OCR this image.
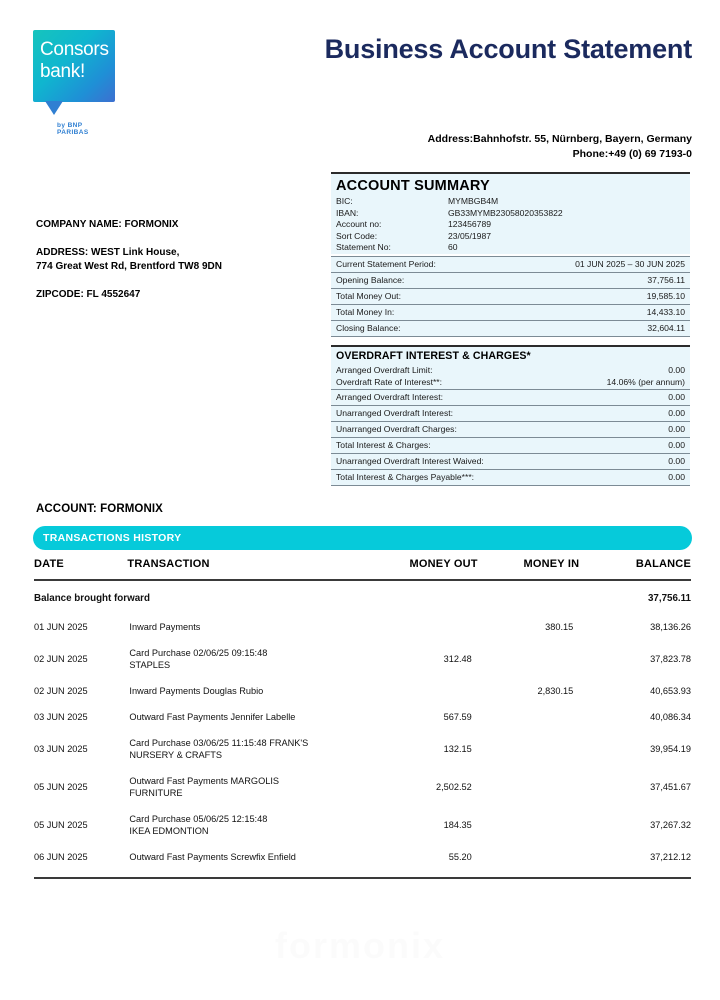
Consors
bank!
by BNP PARIBAS
Business Account Statement
Address:Bahnhofstr. 55, Nürnberg, Bayern, Germany
Phone:+49 (0) 69 7193-0
COMPANY NAME: FORMONIX
ADDRESS: WEST Link House,
774 Great West Rd, Brentford TW8 9DN
ZIPCODE: FL 4552647
ACCOUNT SUMMARY
BIC:	MYMBGB4M
IBAN:	GB33MYMB23058020353822
Account no:	123456789
Sort Code:	23/05/1987
Statement No:	60
Current Statement Period:	01 JUN 2025 – 30 JUN 2025
Opening Balance:	37,756.11
Total Money Out:	19,585.10
Total Money In:	14,433.10
Closing Balance:	32,604.11
OVERDRAFT INTEREST & CHARGES*
Arranged Overdraft Limit:	0.00
Overdraft Rate of Interest**:	14.06% (per annum)
Arranged Overdraft Interest:	0.00
Unarranged Overdraft Interest:	0.00
Unarranged Overdraft Charges:	0.00
Total Interest & Charges:	0.00
Unarranged Overdraft Interest Waived:	0.00
Total Interest & Charges Payable***:	0.00
ACCOUNT: FORMONIX
TRANSACTIONS HISTORY
DATE	TRANSACTION	MONEY OUT	MONEY IN	BALANCE
Balance brought forward				37,756.11
01 JUN 2025	Inward Payments		380.15	38,136.26
02 JUN 2025	Card Purchase 02/06/25 09:15:48
STAPLES	312.48		37,823.78
02 JUN 2025	Inward Payments Douglas Rubio		2,830.15	40,653.93
03 JUN 2025	Outward Fast Payments Jennifer Labelle	567.59		40,086.34
03 JUN 2025	Card Purchase 03/06/25 11:15:48 FRANK'S
NURSERY & CRAFTS	132.15		39,954.19
05 JUN 2025	Outward Fast Payments MARGOLIS
FURNITURE	2,502.52		37,451.67
05 JUN 2025	Card Purchase 05/06/25 12:15:48
IKEA EDMONTION	184.35		37,267.32
06 JUN 2025	Outward Fast Payments Screwfix Enfield	55.20		37,212.12
formonix
